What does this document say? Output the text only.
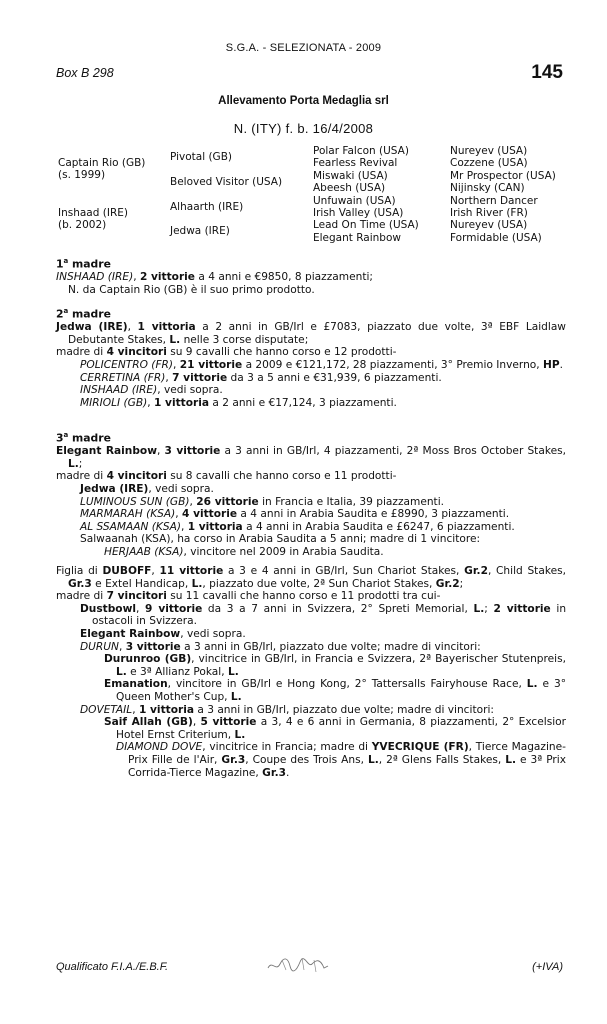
S.G.A. - SELEZIONATA - 2009
Box B 298	145
Allevamento Porta Medaglia srl
N. (ITY) f. b. 16/4/2008
Captain Rio (GB)
(s. 1999)
Inshaad (IRE)
(b. 2002)
Pivotal (GB)
Beloved Visitor (USA)
Alhaarth (IRE)
Jedwa (IRE)
Polar Falcon (USA)
Fearless Revival
Miswaki (USA)
Abeesh (USA)
Unfuwain (USA)
Irish Valley (USA)
Lead On Time (USA)
Elegant Rainbow
Nureyev (USA)
Cozzene (USA)
Mr Prospector (USA)
Nijinsky (CAN)
Northern Dancer
Irish River (FR)
Nureyev (USA)
Formidable (USA)
1$^a$ madre
INSHAAD (IRE), 2 vittorie a 4 anni e €9850, 8 piazzamenti;
N. da Captain Rio (GB) è il suo primo prodotto.
2$^a$ madre
Jedwa (IRE), 1 vittoria a 2 anni in GB/Irl e £7083, piazzato due volte, 3ª EBF Laidlaw Debutante Stakes, L. nelle 3 corse disputate;
madre di 4 vincitori su 9 cavalli che hanno corso e 12 prodotti-
POLICENTRO (FR), 21 vittorie a 2009 e €121,172, 28 piazzamenti, 3° Premio Inverno, HP.
CERRETINA (FR), 7 vittorie da 3 a 5 anni e €31,939, 6 piazzamenti.
INSHAAD (IRE), vedi sopra.
MIRIOLI (GB), 1 vittoria a 2 anni e €17,124, 3 piazzamenti.
3$^a$ madre
Elegant Rainbow, 3 vittorie a 3 anni in GB/Irl, 4 piazzamenti, 2ª Moss Bros October Stakes, L.;
madre di 4 vincitori su 8 cavalli che hanno corso e 11 prodotti-
Jedwa (IRE), vedi sopra.
LUMINOUS SUN (GB), 26 vittorie in Francia e Italia, 39 piazzamenti.
MARMARAH (KSA), 4 vittorie a 4 anni in Arabia Saudita e £8990, 3 piazzamenti.
AL SSAMAAN (KSA), 1 vittoria a 4 anni in Arabia Saudita e £6247, 6 piazzamenti.
Salwaanah (KSA), ha corso in Arabia Saudita a 5 anni; madre di 1 vincitore:
HERJAAB (KSA), vincitore nel 2009 in Arabia Saudita.
Figlia di DUBOFF, 11 vittorie a 3 e 4 anni in GB/Irl, Sun Chariot Stakes, Gr.2, Child Stakes, Gr.3 e Extel Handicap, L., piazzato due volte, 2ª Sun Chariot Stakes, Gr.2;
madre di 7 vincitori su 11 cavalli che hanno corso e 11 prodotti tra cui-
Dustbowl, 9 vittorie da 3 a 7 anni in Svizzera, 2° Spreti Memorial, L.; 2 vittorie in ostacoli in Svizzera.
Elegant Rainbow, vedi sopra.
DURUN, 3 vittorie a 3 anni in GB/Irl, piazzato due volte; madre di vincitori:
Durunroo (GB), vincitrice in GB/Irl, in Francia e Svizzera, 2ª Bayerischer Stutenpreis, L. e 3ª Allianz Pokal, L.
Emanation, vincitore in GB/Irl e Hong Kong, 2° Tattersalls Fairyhouse Race, L. e 3° Queen Mother's Cup, L.
DOVETAIL, 1 vittoria a 3 anni in GB/Irl, piazzato due volte; madre di vincitori:
Saif Allah (GB), 5 vittorie a 3, 4 e 6 anni in Germania, 8 piazzamenti, 2° Excelsior Hotel Ernst Criterium, L.
DIAMOND DOVE, vincitrice in Francia; madre di YVECRIQUE (FR), Tierce Magazine-Prix Fille de l'Air, Gr.3, Coupe des Trois Ans, L., 2ª Glens Falls Stakes, L. e 3ª Prix Corrida-Tierce Magazine, Gr.3.
Qualificato F.I.A./E.B.F.	(+IVA)
